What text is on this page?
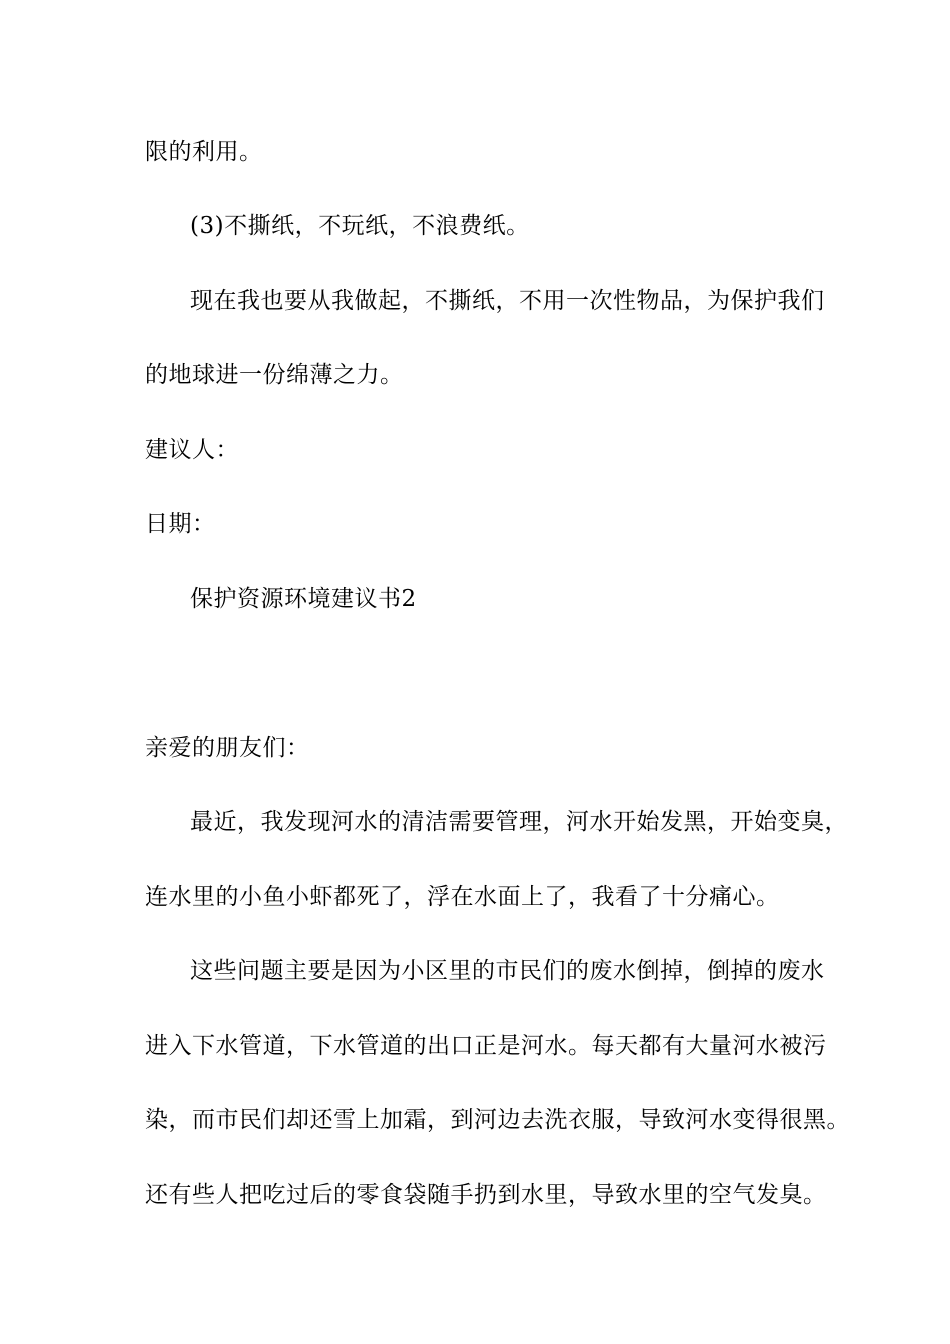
限的利用。
(3)不撕纸，不玩纸，不浪费纸。
现在我也要从我做起，不撕纸，不用一次性物品，为保护我们
的地球进一份绵薄之力。
建议人：
日期：
保护资源环境建议书2
亲爱的朋友们：
最近，我发现河水的清洁需要管理，河水开始发黑，开始变臭，
连水里的小鱼小虾都死了，浮在水面上了，我看了十分痛心。
这些问题主要是因为小区里的市民们的废水倒掉，倒掉的废水
进入下水管道，下水管道的出口正是河水。每天都有大量河水被污
染，而市民们却还雪上加霜，到河边去洗衣服，导致河水变得很黑。
还有些人把吃过后的零食袋随手扔到水里，导致水里的空气发臭。
